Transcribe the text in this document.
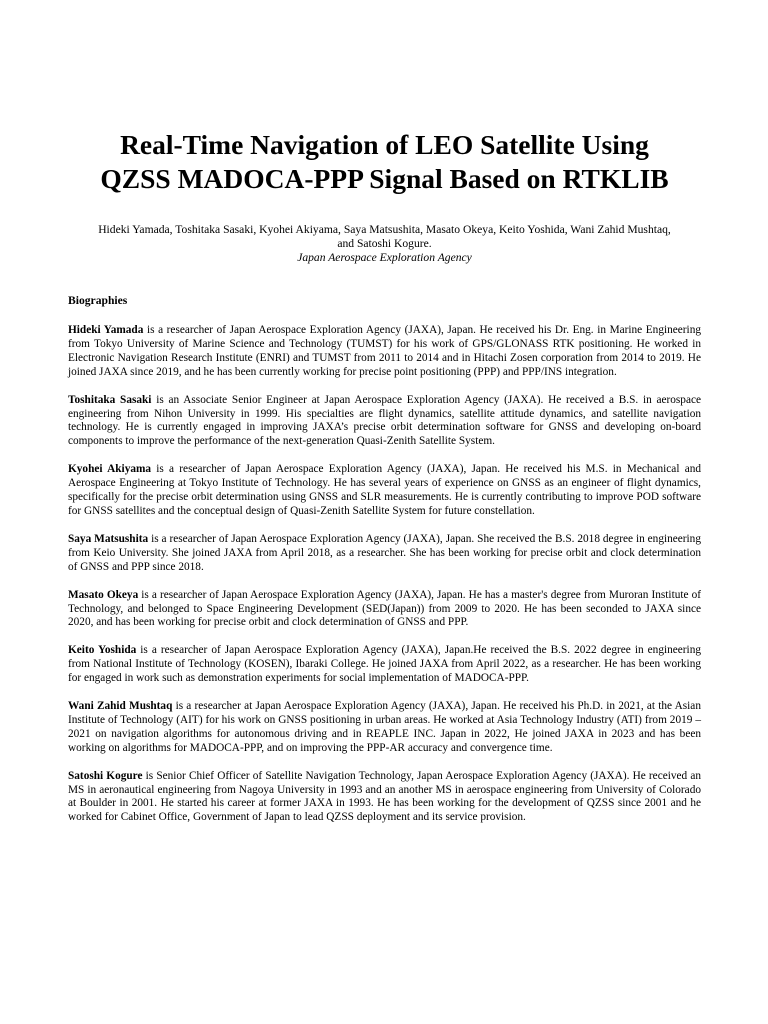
Real-Time Navigation of LEO Satellite Using
QZSS MADOCA-PPP Signal Based on RTKLIB
Hideki Yamada, Toshitaka Sasaki, Kyohei Akiyama, Saya Matsushita, Masato Okeya, Keito Yoshida, Wani Zahid Mushtaq,
and Satoshi Kogure.
Japan Aerospace Exploration Agency
Biographies

Hideki Yamada is a researcher of Japan Aerospace Exploration Agency (JAXA), Japan. He received his Dr. Eng. in Marine Engineering from Tokyo University of Marine Science and Technology (TUMST) for his work of GPS/GLONASS RTK positioning. He worked in Electronic Navigation Research Institute (ENRI) and TUMST from 2011 to 2014 and in Hitachi Zosen corporation from 2014 to 2019. He joined JAXA since 2019, and he has been currently working for precise point positioning (PPP) and PPP/INS integration.

Toshitaka Sasaki is an Associate Senior Engineer at Japan Aerospace Exploration Agency (JAXA). He received a B.S. in aerospace engineering from Nihon University in 1999. His specialties are flight dynamics, satellite attitude dynamics, and satellite navigation technology. He is currently engaged in improving JAXA’s precise orbit determination software for GNSS and developing on-board components to improve the performance of the next-generation Quasi-Zenith Satellite System.

Kyohei Akiyama is a researcher of Japan Aerospace Exploration Agency (JAXA), Japan. He received his M.S. in Mechanical and Aerospace Engineering at Tokyo Institute of Technology. He has several years of experience on GNSS as an engineer of flight dynamics, specifically for the precise orbit determination using GNSS and SLR measurements. He is currently contributing to improve POD software for GNSS satellites and the conceptual design of Quasi-Zenith Satellite System for future constellation.

Saya Matsushita is a researcher of Japan Aerospace Exploration Agency (JAXA), Japan. She received the B.S. 2018 degree in engineering from Keio University. She joined JAXA from April 2018, as a researcher. She has been working for precise orbit and clock determination of GNSS and PPP since 2018.

Masato Okeya is a researcher of Japan Aerospace Exploration Agency (JAXA), Japan. He has a master's degree from Muroran Institute of Technology, and belonged to Space Engineering Development (SED(Japan)) from 2009 to 2020. He has been seconded to JAXA since 2020, and has been working for precise orbit and clock determination of GNSS and PPP.

Keito Yoshida is a researcher of Japan Aerospace Exploration Agency (JAXA), Japan.He received the B.S. 2022 degree in engineering from National Institute of Technology (KOSEN), Ibaraki College. He joined JAXA from April 2022, as a researcher. He has been working for engaged in work such as demonstration experiments for social implementation of MADOCA-PPP.

Wani Zahid Mushtaq is a researcher at Japan Aerospace Exploration Agency (JAXA), Japan. He received his Ph.D. in 2021, at the Asian Institute of Technology (AIT) for his work on GNSS positioning in urban areas. He worked at Asia Technology Industry (ATI) from 2019 – 2021 on navigation algorithms for autonomous driving and in REAPLE INC. Japan in 2022, He joined JAXA in 2023 and has been working on algorithms for MADOCA-PPP, and on improving the PPP-AR accuracy and convergence time.

Satoshi Kogure is Senior Chief Officer of Satellite Navigation Technology, Japan Aerospace Exploration Agency (JAXA). He received an MS in aeronautical engineering from Nagoya University in 1993 and an another MS in aerospace engineering from University of Colorado at Boulder in 2001. He started his career at former JAXA in 1993. He has been working for the development of QZSS since 2001 and he worked for Cabinet Office, Government of Japan to lead QZSS deployment and its service provision.
